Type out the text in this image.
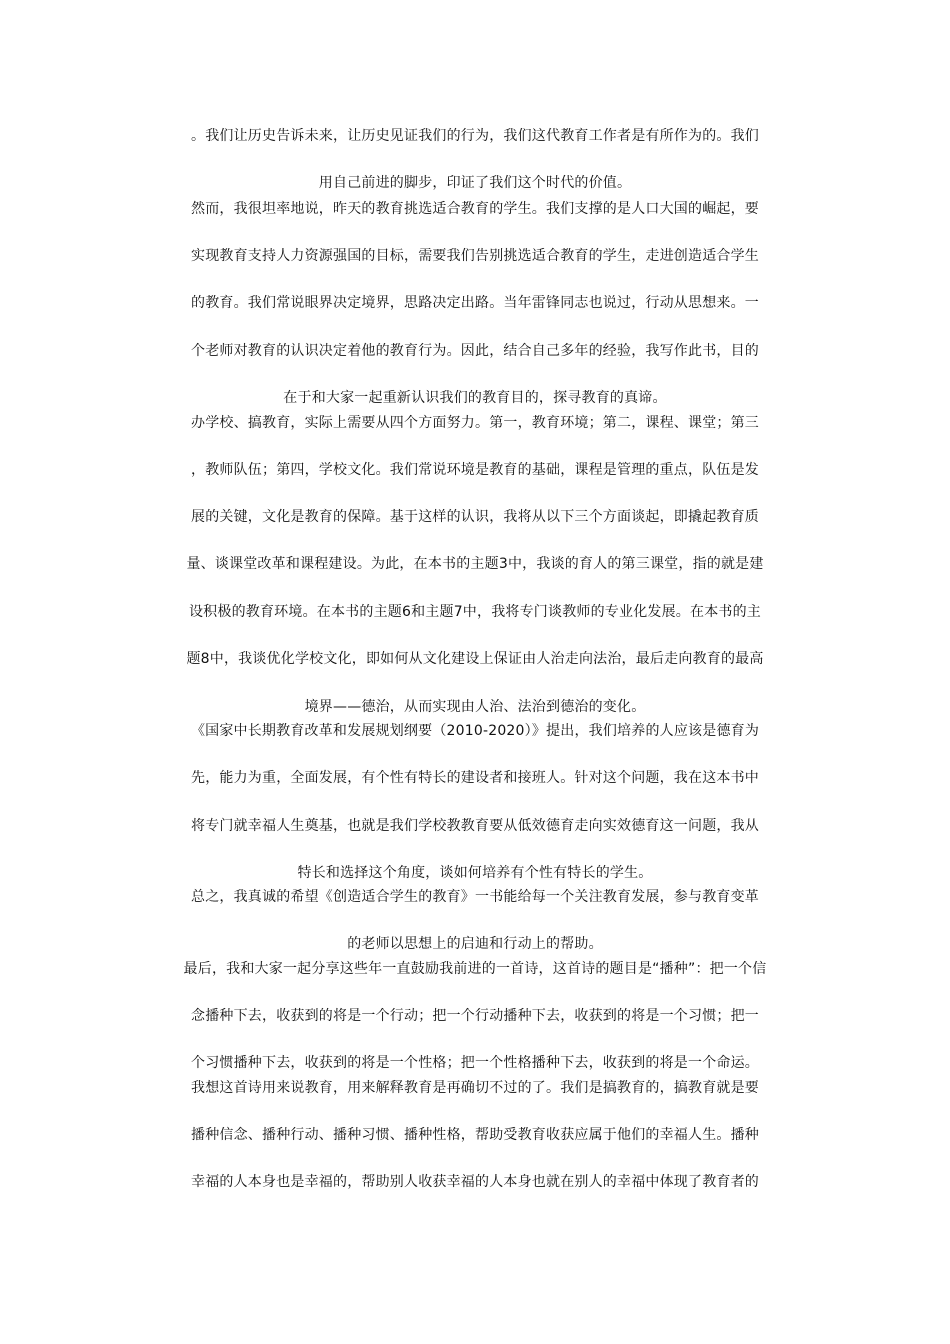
。我们让历史告诉未来，让历史见证我们的行为，我们这代教育工作者是有所作为的。我们
用自己前进的脚步，印证了我们这个时代的价值。
然而，我很坦率地说，昨天的教育挑选适合教育的学生。我们支撑的是人口大国的崛起，要
实现教育支持人力资源强国的目标，需要我们告别挑选适合教育的学生，走进创造适合学生
的教育。我们常说眼界决定境界，思路决定出路。当年雷锋同志也说过，行动从思想来。一
个老师对教育的认识决定着他的教育行为。因此，结合自己多年的经验，我写作此书，目的
在于和大家一起重新认识我们的教育目的，探寻教育的真谛。
办学校、搞教育，实际上需要从四个方面努力。第一，教育环境；第二，课程、课堂；第三
，教师队伍；第四，学校文化。我们常说环境是教育的基础，课程是管理的重点，队伍是发
展的关键，文化是教育的保障。基于这样的认识，我将从以下三个方面谈起，即撬起教育质
量、谈课堂改革和课程建设。为此，在本书的主题3中，我谈的育人的第三课堂，指的就是建
设积极的教育环境。在本书的主题6和主题7中，我将专门谈教师的专业化发展。在本书的主
题8中，我谈优化学校文化，即如何从文化建设上保证由人治走向法治，最后走向教育的最高
境界——德治，从而实现由人治、法治到德治的变化。
《国家中长期教育改革和发展规划纲要（2010-2020）》提出，我们培养的人应该是德育为
先，能力为重，全面发展，有个性有特长的建设者和接班人。针对这个问题，我在这本书中
将专门就幸福人生奠基，也就是我们学校教教育要从低效德育走向实效德育这一问题，我从
特长和选择这个角度，谈如何培养有个性有特长的学生。
总之，我真诚的希望《创造适合学生的教育》一书能给每一个关注教育发展，参与教育变革
的老师以思想上的启迪和行动上的帮助。
最后，我和大家一起分享这些年一直鼓励我前进的一首诗，这首诗的题目是“播种”：把一个信
念播种下去，收获到的将是一个行动；把一个行动播种下去，收获到的将是一个习惯；把一
个习惯播种下去，收获到的将是一个性格；把一个性格播种下去，收获到的将是一个命运。
我想这首诗用来说教育，用来解释教育是再确切不过的了。我们是搞教育的，搞教育就是要
播种信念、播种行动、播种习惯、播种性格，帮助受教育收获应属于他们的幸福人生。播种
幸福的人本身也是幸福的，帮助别人收获幸福的人本身也就在别人的幸福中体现了教育者的
